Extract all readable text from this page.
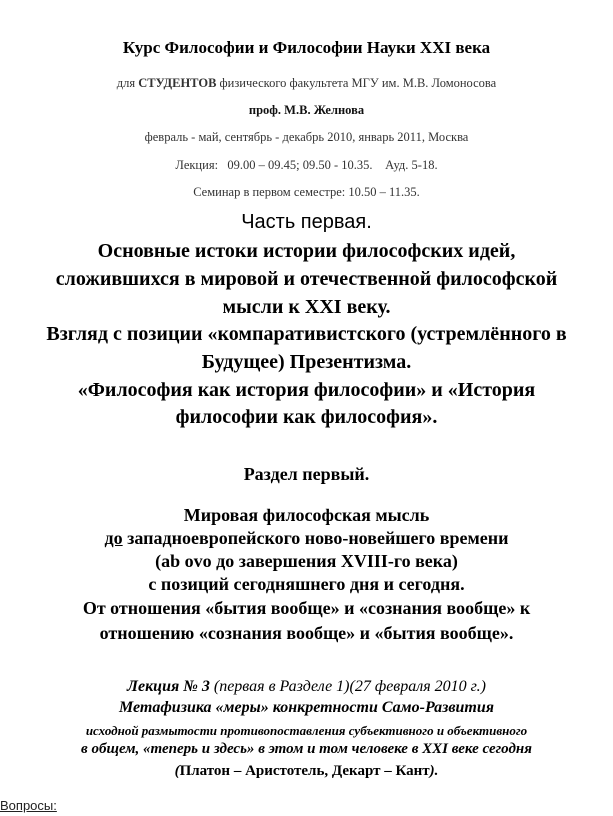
Курс Философии и Философии Науки XXI века
для СТУДЕНТОВ физического факультета МГУ им. М.В. Ломоносова
проф. М.В. Желнова
февраль - май, сентябрь - декабрь 2010, январь 2011, Москва
Лекция: 09.00 – 09.45; 09.50 - 10.35. Ауд. 5-18.
Семинар в первом семестре: 10.50 – 11.35.
Часть первая.
Основные истоки истории философских идей,
сложившихся в мировой и отечественной философской
мысли к XXI веку.
Взгляд с позиции «компаративистского (устремлённого в
Будущее) Презентизма.
«Философия как история философии» и «История
философии как философия».
Раздел первый.
Мировая философская мысль
до западноевропейского ново-новейшего времени
(ab ovo до завершения XVIII-го века)
с позиций сегодняшнего дня и сегодня.
От отношения «бытия вообще» и «сознания вообще» к
отношению «сознания вообще» и «бытия вообще».
Лекция № 3 (первая в Разделе 1)(27 февраля 2010 г.)
Метафизика «меры» конкретности Само-Развития
исходной размытости противопоставления субъективного и объективного
в общем, «теперь и здесь» в этом и том человеке в XXI веке сегодня
(Платон – Аристотель, Декарт – Кант).
Вопросы:
